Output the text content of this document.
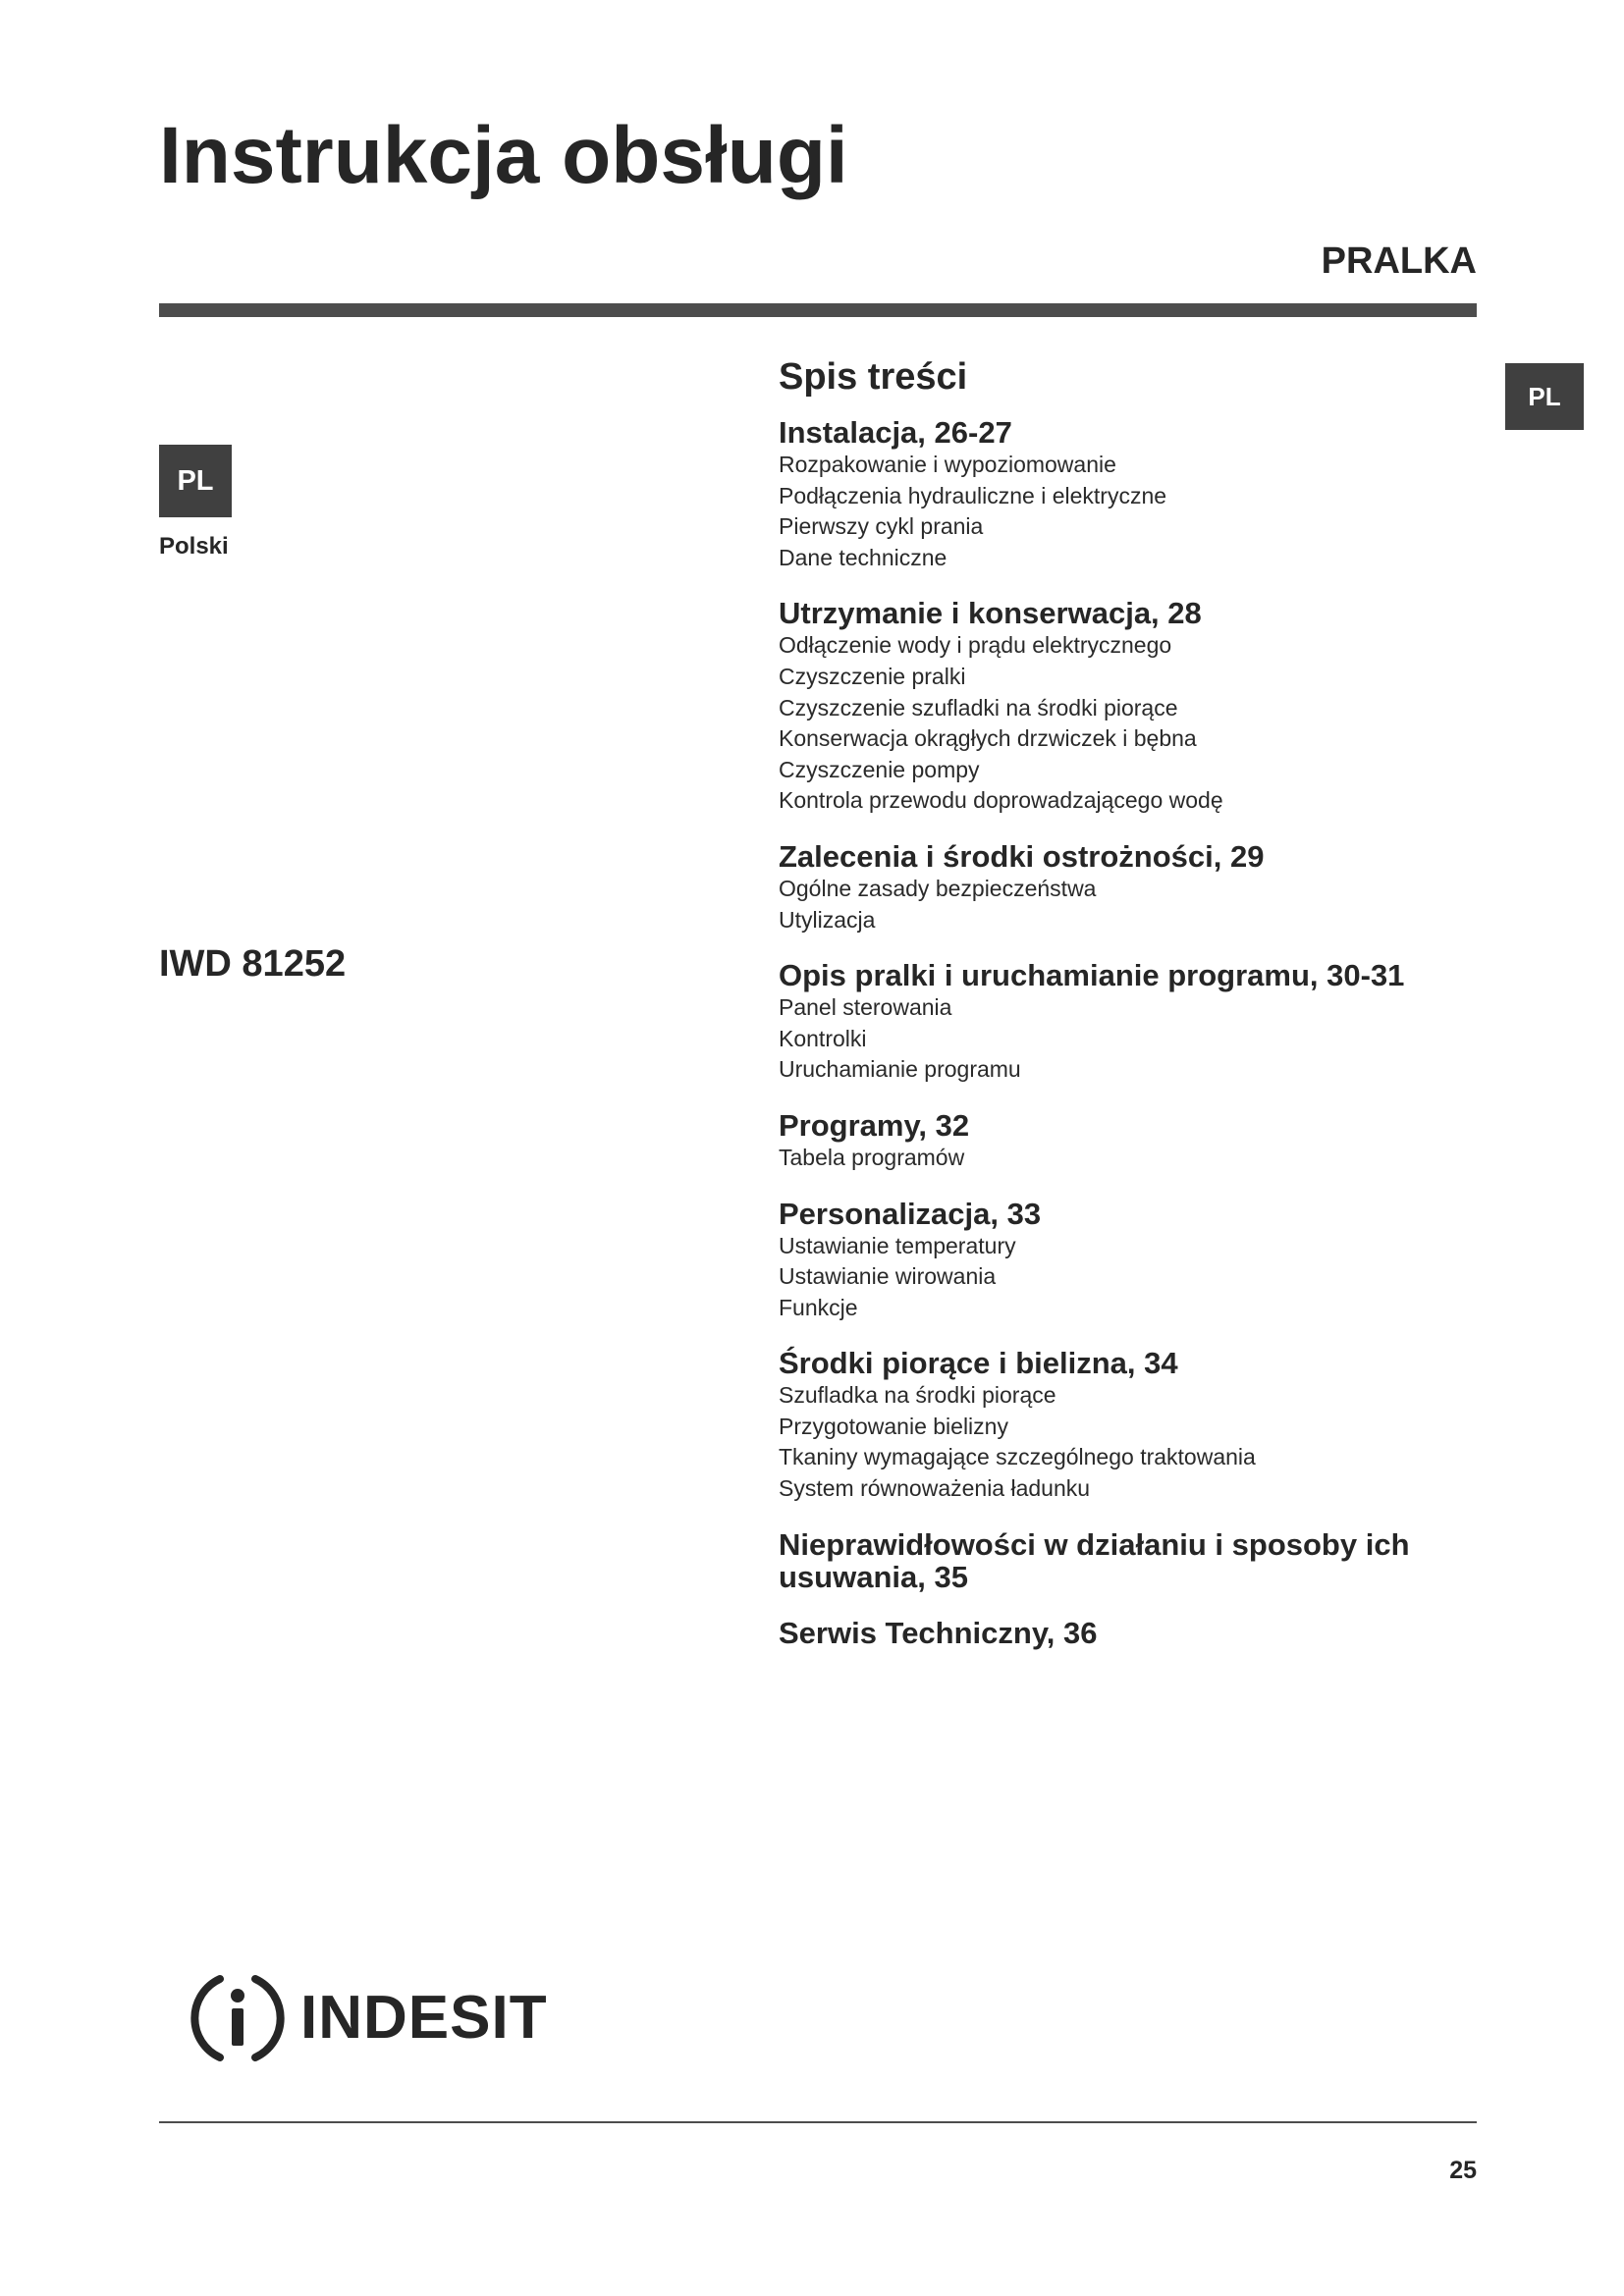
Instrukcja obsługi
PRALKA
PL
Polski
PL
IWD 81252
Spis treści
Instalacja, 26-27
Rozpakowanie i wypoziomowanie
Podłączenia hydrauliczne i elektryczne
Pierwszy cykl prania
Dane techniczne
Utrzymanie i konserwacja, 28
Odłączenie wody i prądu elektrycznego
Czyszczenie pralki
Czyszczenie szufladki na środki piorące
Konserwacja okrągłych drzwiczek i bębna
Czyszczenie pompy
Kontrola przewodu doprowadzającego wodę
Zalecenia i środki ostrożności, 29
Ogólne zasady bezpieczeństwa
Utylizacja
Opis pralki i uruchamianie programu, 30-31
Panel sterowania
Kontrolki
Uruchamianie programu
Programy, 32
Tabela programów
Personalizacja, 33
Ustawianie temperatury
Ustawianie wirowania
Funkcje
Środki piorące i bielizna, 34
Szufladka na środki piorące
Przygotowanie bielizny
Tkaniny wymagające szczególnego traktowania
System równoważenia ładunku
Nieprawidłowości w działaniu i sposoby ich usuwania, 35
Serwis Techniczny, 36
INDESIT
25
